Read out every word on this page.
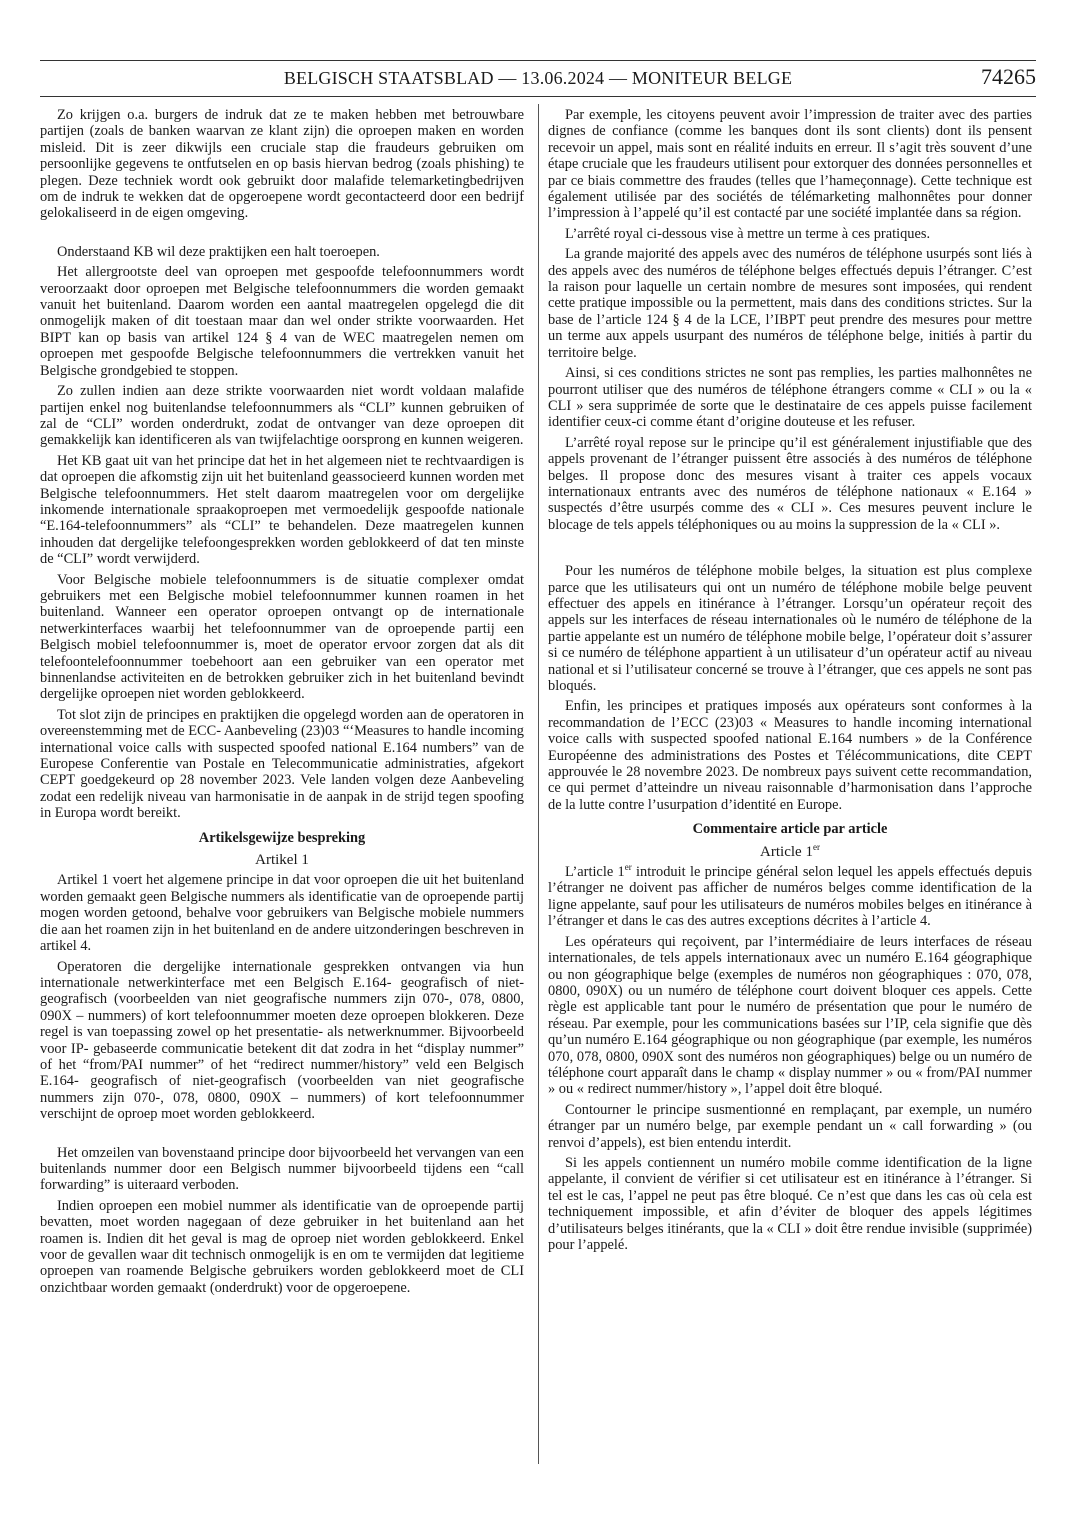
BELGISCH STAATSBLAD — 13.06.2024 — MONITEUR BELGE	74265

Zo krijgen o.a. burgers de indruk dat ze te maken hebben met betrouwbare partijen (zoals de banken waarvan ze klant zijn) die oproepen maken en worden misleid. Dit is zeer dikwijls een cruciale stap die fraudeurs gebruiken om persoonlijke gegevens te ontfutselen en op basis hiervan bedrog (zoals phishing) te plegen. Deze techniek wordt ook gebruikt door malafide telemarketingbedrijven om de indruk te wekken dat de opgeroepene wordt gecontacteerd door een bedrijf gelokaliseerd in de eigen omgeving.

Onderstaand KB wil deze praktijken een halt toeroepen.

Het allergrootste deel van oproepen met gespoofde telefoonnummers wordt veroorzaakt door oproepen met Belgische telefoonnummers die worden gemaakt vanuit het buitenland. Daarom worden een aantal maatregelen opgelegd die dit onmogelijk maken of dit toestaan maar dan wel onder strikte voorwaarden. Het BIPT kan op basis van artikel 124 § 4 van de WEC maatregelen nemen om oproepen met gespoofde Belgische telefoonnummers die vertrekken vanuit het Belgische grondgebied te stoppen.

Zo zullen indien aan deze strikte voorwaarden niet wordt voldaan malafide partijen enkel nog buitenlandse telefoonnummers als “CLI” kunnen gebruiken of zal de “CLI” worden onderdrukt, zodat de ontvanger van deze oproepen dit gemakkelijk kan identificeren als van twijfelachtige oorsprong en kunnen weigeren.

Het KB gaat uit van het principe dat het in het algemeen niet te rechtvaardigen is dat oproepen die afkomstig zijn uit het buitenland geassocieerd kunnen worden met Belgische telefoonnummers. Het stelt daarom maatregelen voor om dergelijke inkomende internationale spraakoproepen met vermoedelijk gespoofde nationale “E.164-telefoonnummers” als “CLI” te behandelen. Deze maatregelen kunnen inhouden dat dergelijke telefoongesprekken worden geblokkeerd of dat ten minste de “CLI” wordt verwijderd.

Voor Belgische mobiele telefoonnummers is de situatie complexer omdat gebruikers met een Belgische mobiel telefoonnummer kunnen roamen in het buitenland. Wanneer een operator oproepen ontvangt op de internationale netwerkinterfaces waarbij het telefoonnummer van de oproepende partij een Belgisch mobiel telefoonnummer is, moet de operator ervoor zorgen dat als dit telefoontelefoonnummer toebehoort aan een gebruiker van een operator met binnenlandse activiteiten en de betrokken gebruiker zich in het buitenland bevindt dergelijke oproepen niet worden geblokkeerd.

Tot slot zijn de principes en praktijken die opgelegd worden aan de operatoren in overeenstemming met de ECC- Aanbeveling (23)03 “‘Measures to handle incoming international voice calls with suspected spoofed national E.164 numbers” van de Europese Conferentie van Postale en Telecommunicatie administraties, afgekort CEPT goedgekeurd op 28 november 2023. Vele landen volgen deze Aanbeveling zodat een redelijk niveau van harmonisatie in de aanpak in de strijd tegen spoofing in Europa wordt bereikt.

Artikelsgewijze bespreking

Artikel 1

Artikel 1 voert het algemene principe in dat voor oproepen die uit het buitenland worden gemaakt geen Belgische nummers als identificatie van de oproepende partij mogen worden getoond, behalve voor gebruikers van Belgische mobiele nummers die aan het roamen zijn in het buitenland en de andere uitzonderingen beschreven in artikel 4.

Operatoren die dergelijke internationale gesprekken ontvangen via hun internationale netwerkinterface met een Belgisch E.164- geografisch of niet-geografisch (voorbeelden van niet geografische nummers zijn 070-, 078, 0800, 090X – nummers) of kort telefoonnummer moeten deze oproepen blokkeren. Deze regel is van toepassing zowel op het presentatie- als netwerknummer. Bijvoorbeeld voor IP- gebaseerde communicatie betekent dit dat zodra in het “display nummer” of het “from/PAI nummer” of het “redirect nummer/history” veld een Belgisch E.164- geografisch of niet-geografisch (voorbeelden van niet geografische nummers zijn 070-, 078, 0800, 090X – nummers) of kort telefoonnummer verschijnt de oproep moet worden geblokkeerd.

Het omzeilen van bovenstaand principe door bijvoorbeeld het vervangen van een buitenlands nummer door een Belgisch nummer bijvoorbeeld tijdens een “call forwarding” is uiteraard verboden.

Indien oproepen een mobiel nummer als identificatie van de oproepende partij bevatten, moet worden nagegaan of deze gebruiker in het buitenland aan het roamen is. Indien dit het geval is mag de oproep niet worden geblokkeerd. Enkel voor de gevallen waar dit technisch onmogelijk is en om te vermijden dat legitieme oproepen van roamende Belgische gebruikers worden geblokkeerd moet de CLI onzichtbaar worden gemaakt (onderdrukt) voor de opgeroepene.

Par exemple, les citoyens peuvent avoir l’impression de traiter avec des parties dignes de confiance (comme les banques dont ils sont clients) dont ils pensent recevoir un appel, mais sont en réalité induits en erreur. Il s’agit très souvent d’une étape cruciale que les fraudeurs utilisent pour extorquer des données personnelles et par ce biais commettre des fraudes (telles que l’hameçonnage). Cette technique est également utilisée par des sociétés de télémarketing malhonnêtes pour donner l’impression à l’appelé qu’il est contacté par une société implantée dans sa région.

L’arrêté royal ci-dessous vise à mettre un terme à ces pratiques.

La grande majorité des appels avec des numéros de téléphone usurpés sont liés à des appels avec des numéros de téléphone belges effectués depuis l’étranger. C’est la raison pour laquelle un certain nombre de mesures sont imposées, qui rendent cette pratique impossible ou la permettent, mais dans des conditions strictes. Sur la base de l’article 124 § 4 de la LCE, l’IBPT peut prendre des mesures pour mettre un terme aux appels usurpant des numéros de téléphone belge, initiés à partir du territoire belge.

Ainsi, si ces conditions strictes ne sont pas remplies, les parties malhonnêtes ne pourront utiliser que des numéros de téléphone étrangers comme « CLI » ou la « CLI » sera supprimée de sorte que le destinataire de ces appels puisse facilement identifier ceux-ci comme étant d’origine douteuse et les refuser.

L’arrêté royal repose sur le principe qu’il est généralement injustifiable que des appels provenant de l’étranger puissent être associés à des numéros de téléphone belges. Il propose donc des mesures visant à traiter ces appels vocaux internationaux entrants avec des numéros de téléphone nationaux « E.164 » suspectés d’être usurpés comme des « CLI ». Ces mesures peuvent inclure le blocage de tels appels téléphoniques ou au moins la suppression de la « CLI ».

Pour les numéros de téléphone mobile belges, la situation est plus complexe parce que les utilisateurs qui ont un numéro de téléphone mobile belge peuvent effectuer des appels en itinérance à l’étranger. Lorsqu’un opérateur reçoit des appels sur les interfaces de réseau internationales où le numéro de téléphone de la partie appelante est un numéro de téléphone mobile belge, l’opérateur doit s’assurer si ce numéro de téléphone appartient à un utilisateur d’un opérateur actif au niveau national et si l’utilisateur concerné se trouve à l’étranger, que ces appels ne sont pas bloqués.

Enfin, les principes et pratiques imposés aux opérateurs sont conformes à la recommandation de l’ECC (23)03 « Measures to handle incoming international voice calls with suspected spoofed national E.164 numbers » de la Conférence Européenne des administrations des Postes et Télécommunications, dite CEPT approuvée le 28 novembre 2023. De nombreux pays suivent cette recommandation, ce qui permet d’atteindre un niveau raisonnable d’harmonisation dans l’approche de la lutte contre l’usurpation d’identité en Europe.

Commentaire article par article

Article 1er

L’article 1er introduit le principe général selon lequel les appels effectués depuis l’étranger ne doivent pas afficher de numéros belges comme identification de la ligne appelante, sauf pour les utilisateurs de numéros mobiles belges en itinérance à l’étranger et dans le cas des autres exceptions décrites à l’article 4.

Les opérateurs qui reçoivent, par l’intermédiaire de leurs interfaces de réseau internationales, de tels appels internationaux avec un numéro E.164 géographique ou non géographique belge (exemples de numéros non géographiques : 070, 078, 0800, 090X) ou un numéro de téléphone court doivent bloquer ces appels. Cette règle est applicable tant pour le numéro de présentation que pour le numéro de réseau. Par exemple, pour les communications basées sur l’IP, cela signifie que dès qu’un numéro E.164 géographique ou non géographique (par exemple, les numéros 070, 078, 0800, 090X sont des numéros non géographiques) belge ou un numéro de téléphone court apparaît dans le champ « display nummer » ou « from/PAI nummer » ou « redirect nummer/history », l’appel doit être bloqué.

Contourner le principe susmentionné en remplaçant, par exemple, un numéro étranger par un numéro belge, par exemple pendant un « call forwarding » (ou renvoi d’appels), est bien entendu interdit.

Si les appels contiennent un numéro mobile comme identification de la ligne appelante, il convient de vérifier si cet utilisateur est en itinérance à l’étranger. Si tel est le cas, l’appel ne peut pas être bloqué. Ce n’est que dans les cas où cela est techniquement impossible, et afin d’éviter de bloquer des appels légitimes d’utilisateurs belges itinérants, que la « CLI » doit être rendue invisible (supprimée) pour l’appelé.
